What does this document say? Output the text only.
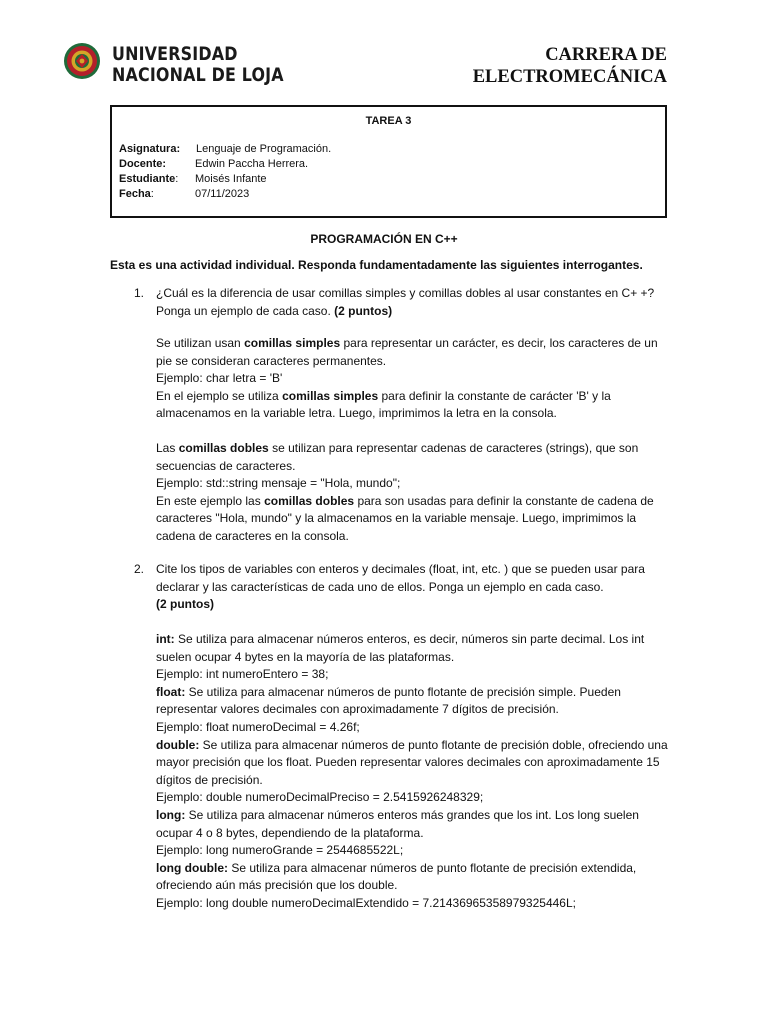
UNIVERSIDAD
NACIONAL DE LOJA
CARRERA DE
ELECTROMECÁNICA
TAREA 3
Asignatura: Lenguaje de Programación.
Docente:	Edwin Paccha Herrera.
Estudiante: Moisés Infante
Fecha:	07/11/2023
PROGRAMACIÓN EN C++
Esta es una actividad individual. Responda fundamentadamente las siguientes interrogantes.
1. ¿Cuál es la diferencia de usar comillas simples y comillas dobles al usar constantes en C+ +? Ponga un ejemplo de cada caso. (2 puntos)

Se utilizan usan comillas simples para representar un carácter, es decir, los caracteres de un pie se consideran caracteres permanentes.

Ejemplo: char letra = 'B'

En el ejemplo se utiliza comillas simples para definir la constante de carácter 'B' y la almacenamos en la variable letra. Luego, imprimimos la letra en la consola.

Las comillas dobles se utilizan para representar cadenas de caracteres (strings), que son secuencias de caracteres.

Ejemplo: std::string mensaje = "Hola, mundo";

En este ejemplo las comillas dobles para son usadas para definir la constante de cadena de caracteres "Hola, mundo" y la almacenamos en la variable mensaje. Luego, imprimimos la cadena de caracteres en la consola.

2. Cite los tipos de variables con enteros y decimales (float, int, etc. ) que se pueden usar para declarar y las características de cada uno de ellos. Ponga un ejemplo en cada caso.

(2 puntos)

int: Se utiliza para almacenar números enteros, es decir, números sin parte decimal. Los int suelen ocupar 4 bytes en la mayoría de las plataformas.

Ejemplo: int numeroEntero = 38;

float: Se utiliza para almacenar números de punto flotante de precisión simple. Pueden representar valores decimales con aproximadamente 7 dígitos de precisión.

Ejemplo: float numeroDecimal = 4.26f;

double: Se utiliza para almacenar números de punto flotante de precisión doble, ofreciendo una mayor precisión que los float. Pueden representar valores decimales con aproximadamente 15 dígitos de precisión.

Ejemplo: double numeroDecimalPreciso = 2.5415926248329;

long: Se utiliza para almacenar números enteros más grandes que los int. Los long suelen ocupar 4 o 8 bytes, dependiendo de la plataforma.

Ejemplo: long numeroGrande = 2544685522L;

long double: Se utiliza para almacenar números de punto flotante de precisión extendida, ofreciendo aún más precisión que los double.

Ejemplo: long double numeroDecimalExtendido = 7.21436965358979325446L;
